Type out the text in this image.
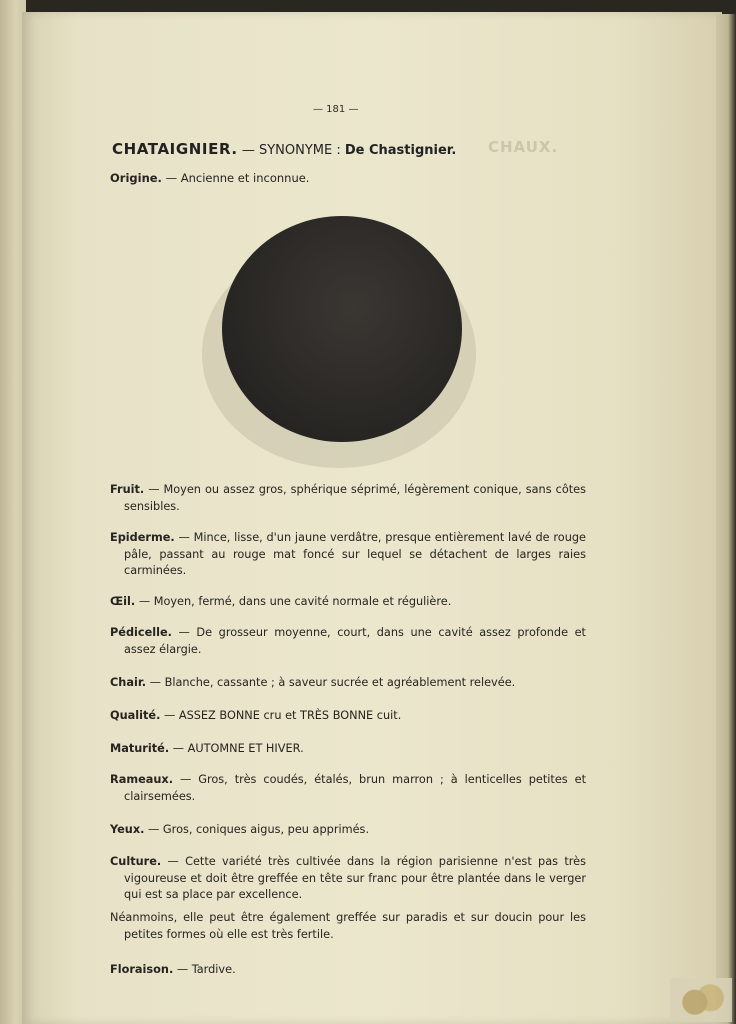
CHAUX.
— 181 —
CHATAIGNIER. — SYNONYME : De Chastignier.
Origine. — Ancienne et inconnue.
Fruit. — Moyen ou assez gros, sphérique séprimé, légèrement conique, sans côtes sensibles.
Epiderme. — Mince, lisse, d'un jaune verdâtre, presque entièrement lavé de rouge pâle, passant au rouge mat foncé sur lequel se détachent de larges raies carminées.
Œil. — Moyen, fermé, dans une cavité normale et régulière.
Pédicelle. — De grosseur moyenne, court, dans une cavité assez profonde et assez élargie.
Chair. — Blanche, cassante ; à saveur sucrée et agréablement relevée.
Qualité. — ASSEZ BONNE cru et TRÈS BONNE cuit.
Maturité. — AUTOMNE ET HIVER.
Rameaux. — Gros, très coudés, étalés, brun marron ; à lenticelles petites et clairsemées.
Yeux. — Gros, coniques aigus, peu apprimés.
Culture. — Cette variété très cultivée dans la région parisienne n'est pas très vigoureuse et doit être greffée en tête sur franc pour être plantée dans le verger qui est sa place par excellence.
Néanmoins, elle peut être également greffée sur paradis et sur doucin pour les petites formes où elle est très fertile.
Floraison. — Tardive.
